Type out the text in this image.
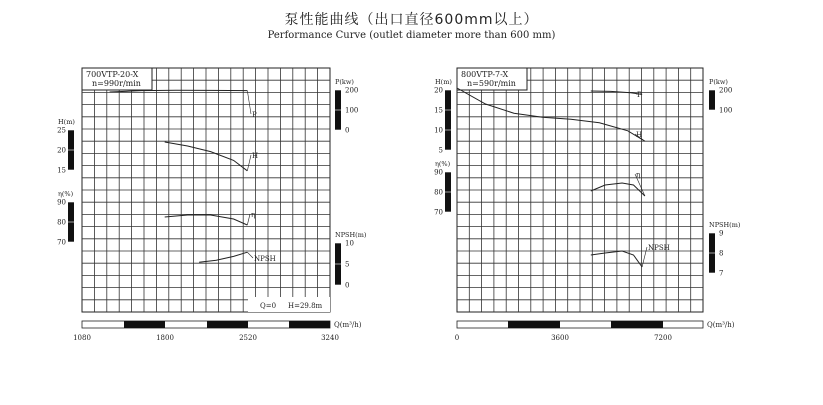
泵性能曲线（出口直径600mm以上）
Performance Curve (outlet diameter more than 600 mm)
700VTP-20-X
n=990r/min
Q=0 H=29.8m
25
20
15
H(m)
90
80
70
η(%)
200
100
0
P(kw)
10
5
0
NPSH(m)
1080	1800	2520	3240
Q(m³/h)
P
H
η
NPSH
800VTP-7-X
n=590r/min
20
15
10
5
H(m)
90
80
70
η(%)
200
100
P(kw)
9
8
7
NPSH(m)
0	3600	7200
Q(m³/h)
P
H
η
NPSH
